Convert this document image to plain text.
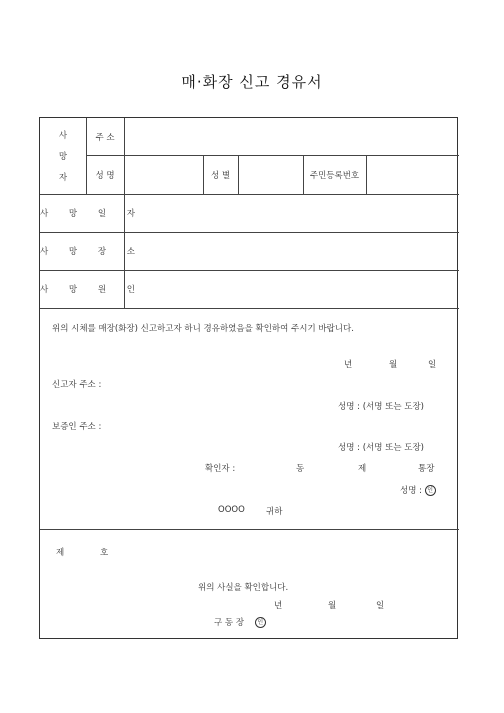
매·화장 신고 경유서
사
망
자
주 소
성 명	성 별	주민등록번호
사 망 일 자
사 망 장 소
사 망 원 인
위의 시체를 매장(화장) 신고하고자 하니 경유하였음을 확인하여 주시기 바랍니다.
년	월	일
신고자 주소 :
성명 : (서명 또는 도장)
보증인 주소 :
성명 : (서명 또는 도장)
확인자 :	동	제	통장
성명 : 인
OOOO 귀하
제	호
위의 사실을 확인합니다.
년	월	일
구 동 장 인
